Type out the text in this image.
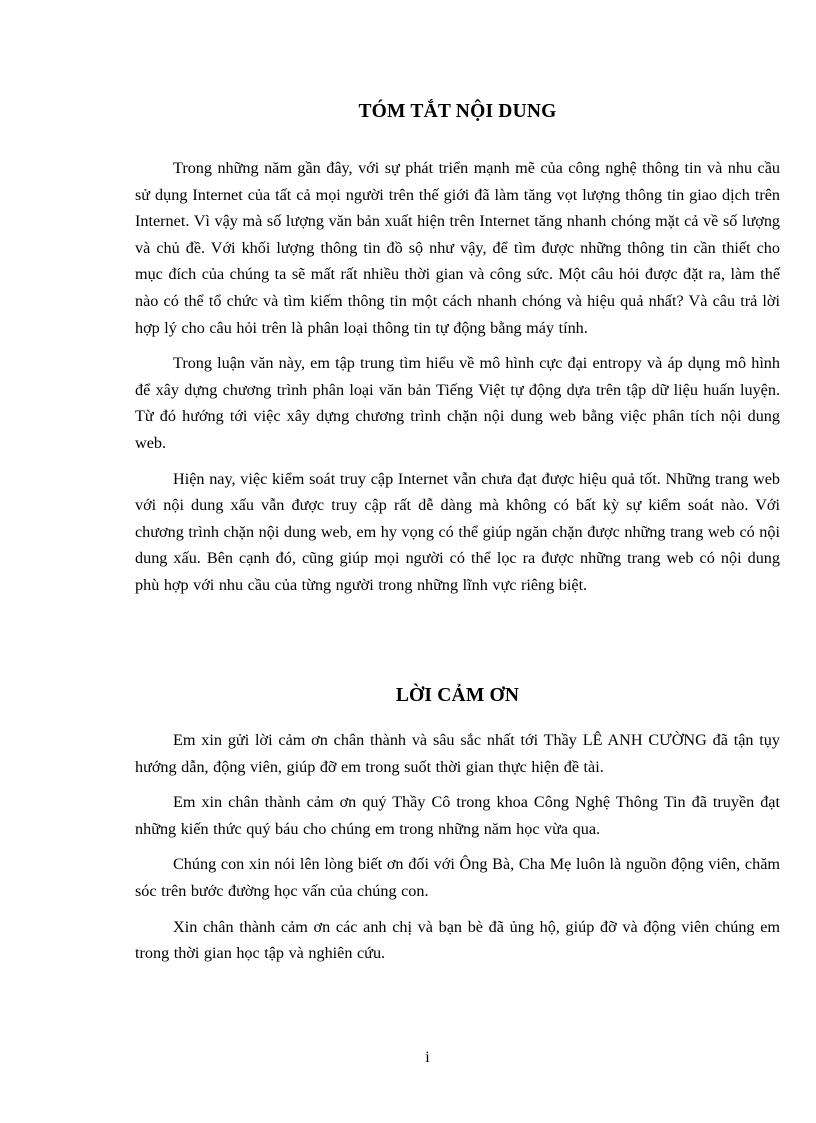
TÓM TẮT NỘI DUNG

Trong những năm gần đây, với sự phát triển mạnh mẽ của công nghệ thông tin và nhu cầu sử dụng Internet của tất cả mọi người trên thế giới đã làm tăng vọt lượng thông tin giao dịch trên Internet. Vì vậy mà số lượng văn bản xuất hiện trên Internet tăng nhanh chóng mặt cả về số lượng và chủ đề. Với khối lượng thông tin đồ sộ như vậy, để tìm được những thông tin cần thiết cho mục đích của chúng ta sẽ mất rất nhiều thời gian và công sức. Một câu hỏi được đặt ra, làm thế nào có thể tổ chức và tìm kiếm thông tin một cách nhanh chóng và hiệu quả nhất? Và câu trả lời hợp lý cho câu hỏi trên là phân loại thông tin tự động bằng máy tính.

Trong luận văn này, em tập trung tìm hiểu về mô hình cực đại entropy và áp dụng mô hình để xây dựng chương trình phân loại văn bản Tiếng Việt tự động dựa trên tập dữ liệu huấn luyện. Từ đó hướng tới việc xây dựng chương trình chặn nội dung web bằng việc phân tích nội dung web.

Hiện nay, việc kiểm soát truy cập Internet vẫn chưa đạt được hiệu quả tốt. Những trang web với nội dung xấu vẫn được truy cập rất dễ dàng mà không có bất kỳ sự kiểm soát nào. Với chương trình chặn nội dung web, em hy vọng có thể giúp ngăn chặn được những trang web có nội dung xấu. Bên cạnh đó, cũng giúp mọi người có thể lọc ra được những trang web có nội dung phù hợp với nhu cầu của từng người trong những lĩnh vực riêng biệt.

LỜI CẢM ƠN

Em xin gửi lời cảm ơn chân thành và sâu sắc nhất tới Thầy LÊ ANH CƯỜNG đã tận tụy hướng dẫn, động viên, giúp đỡ em trong suốt thời gian thực hiện đề tài.

Em xin chân thành cảm ơn quý Thầy Cô trong khoa Công Nghệ Thông Tin đã truyền đạt những kiến thức quý báu cho chúng em trong những năm học vừa qua.

Chúng con xin nói lên lòng biết ơn đối với Ông Bà, Cha Mẹ luôn là nguồn động viên, chăm sóc trên bước đường học vấn của chúng con.

Xin chân thành cảm ơn các anh chị và bạn bè đã ủng hộ, giúp đỡ và động viên chúng em trong thời gian học tập và nghiên cứu.

i
